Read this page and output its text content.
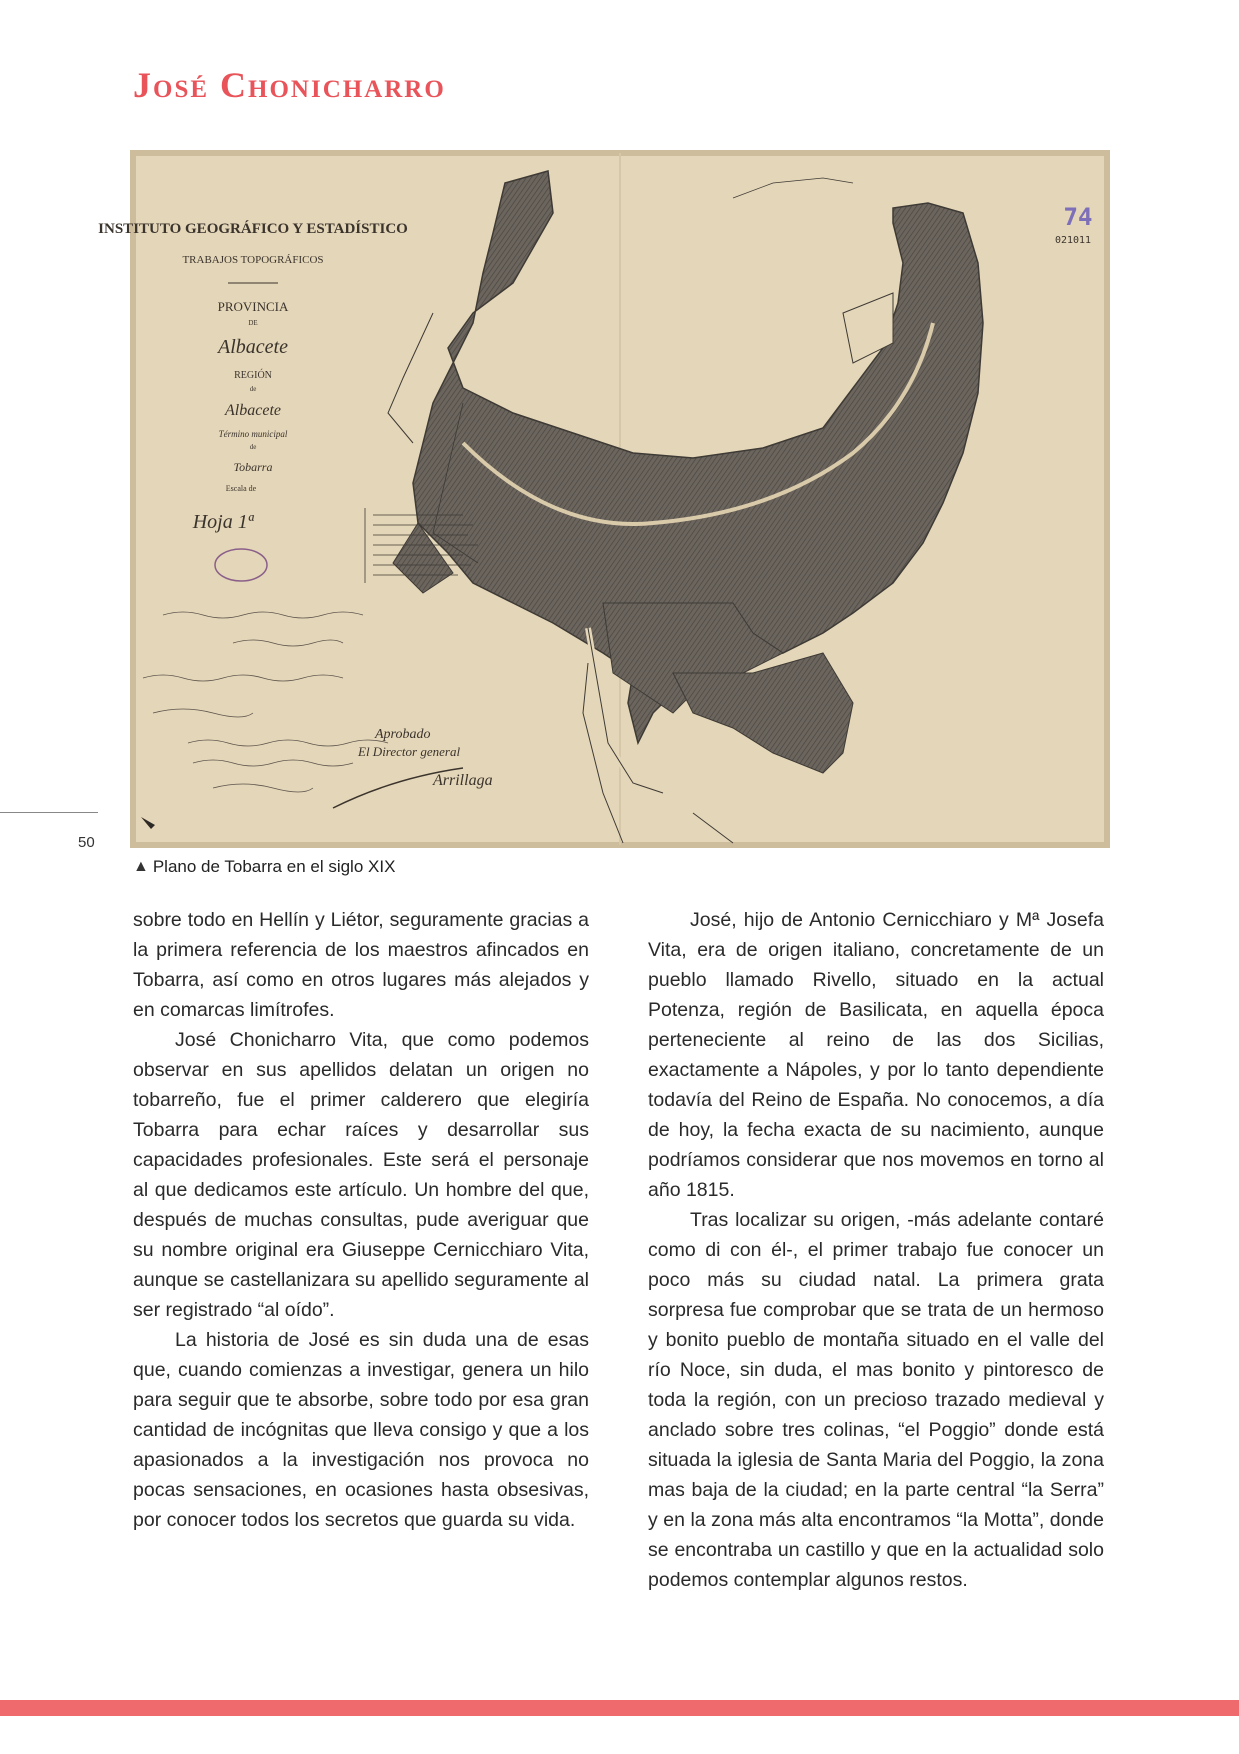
José Chonicharro
INSTITUTO GEOGRÁFICO Y ESTADÍSTICO
TRABAJOS TOPOGRÁFICOS
PROVINCIA
DE
Albacete
REGIÓN
de
Albacete
Término municipal
de
Tobarra
Escala de
Hoja 1ª
Aprobado
El Director general
Arrillaga
74
021011
50
▲ Plano de Tobarra en el siglo XIX

sobre todo en Hellín y Liétor, seguramente gracias a la primera referencia de los maestros afincados en Tobarra, así como en otros lugares más alejados y en comarcas limítrofes.

José Chonicharro Vita, que como podemos observar en sus apellidos delatan un origen no tobarreño, fue el primer calderero que elegiría Tobarra para echar raíces y desarrollar sus capacidades profesionales. Este será el personaje al que dedicamos este artículo. Un hombre del que, después de muchas consultas, pude averiguar que su nombre original era Giuseppe Cernicchiaro Vita, aunque se castellanizara su apellido seguramente al ser registrado “al oído”.

La historia de José es sin duda una de esas que, cuando comienzas a investigar, genera un hilo para seguir que te absorbe, sobre todo por esa gran cantidad de incógnitas que lleva consigo y que a los apasionados a la investigación nos provoca no pocas sensaciones, en ocasiones hasta obsesivas, por conocer todos los secretos que guarda su vida.

José, hijo de Antonio Cernicchiaro y Mª Josefa Vita, era de origen italiano, concretamente de un pueblo llamado Rivello, situado en la actual Potenza, región de Basilicata, en aquella época perteneciente al reino de las dos Sicilias, exactamente a Nápoles, y por lo tanto dependiente todavía del Reino de España. No conocemos, a día de hoy, la fecha exacta de su nacimiento, aunque podríamos considerar que nos movemos en torno al año 1815.

Tras localizar su origen, -más adelante contaré como di con él-, el primer trabajo fue conocer un poco más su ciudad natal. La primera grata sorpresa fue comprobar que se trata de un hermoso y bonito pueblo de montaña situado en el valle del río Noce, sin duda, el mas bonito y pintoresco de toda la región, con un precioso trazado medieval y anclado sobre tres colinas, “el Poggio” donde está situada la iglesia de Santa Maria del Poggio, la zona mas baja de la ciudad; en la parte central “la Serra” y en la zona más alta encontramos “la Motta”, donde se encontraba un castillo y que en la actualidad solo podemos contemplar algunos restos.
